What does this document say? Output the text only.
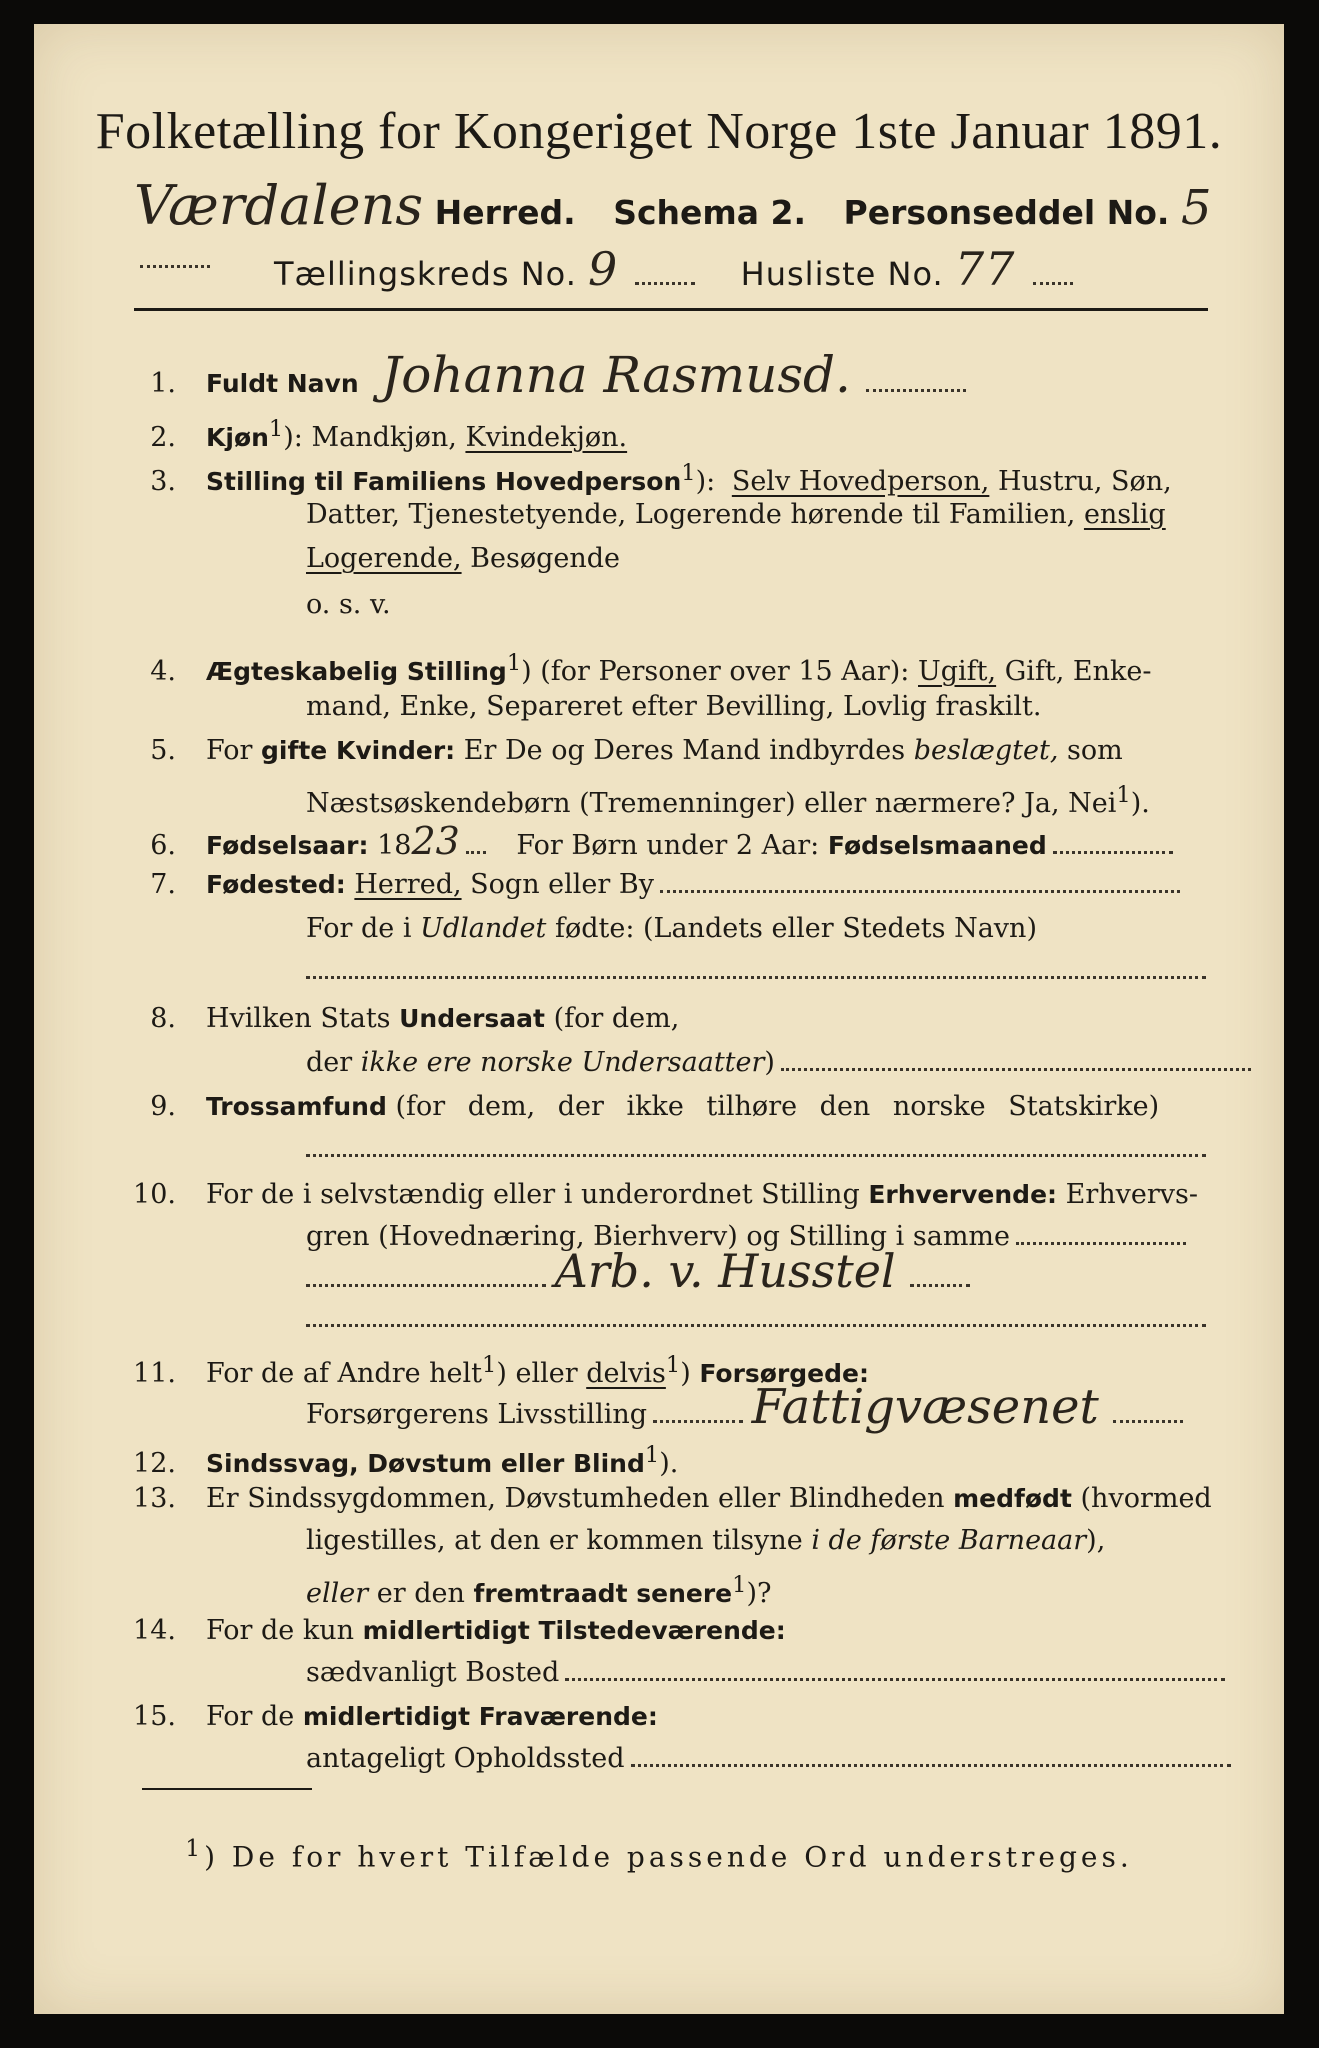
Folketælling for Kongeriget Norge 1ste Januar 1891.
Værdalens Herred. Schema 2. Personseddel No. 5
Tællingskreds No. 9	Husliste No. 77
1. Fuldt Navn Johanna Rasmusd.
2. Kjøn$^1$): Mandkjøn, Kvindekjøn.
3. Stilling til Familiens Hovedperson$^1$): Selv Hovedperson, Hustru, Søn,
Datter, Tjenestetyende, Logerende hørende til Familien, enslig
Logerende, Besøgende
o. s. v.
4. Ægteskabelig Stilling$^1$) (for Personer over 15 Aar): Ugift, Gift, Enke-
mand, Enke, Separeret efter Bevilling, Lovlig fraskilt.
5. For gifte Kvinder: Er De og Deres Mand indbyrdes beslægtet, som
Næstsøskendebørn (Tremenninger) eller nærmere? Ja, Nei$^1$).
6. Fødselsaar: 1823 For Børn under 2 Aar: Fødselsmaaned
7. Fødested: Herred, Sogn eller By
For de i Udlandet fødte: (Landets eller Stedets Navn)
8. Hvilken Stats Undersaat (for dem,
der ikke ere norske Undersaatter)
9. Trossamfund (for dem, der ikke tilhøre den norske Statskirke)
10. For de i selvstændig eller i underordnet Stilling Erhvervende: Erhvervs-
gren (Hovednæring, Bierhverv) og Stilling i samme
Arb. v. Husstel
11. For de af Andre helt$^1$) eller delvis$^1$) Forsørgede:
Forsørgerens Livsstilling Fattigvæsenet
12. Sindssvag, Døvstum eller Blind$^1$).
13. Er Sindssygdommen, Døvstumheden eller Blindheden medfødt (hvormed
ligestilles, at den er kommen tilsyne i de første Barneaar),
eller er den fremtraadt senere$^1$)?
14. For de kun midlertidigt Tilstedeværende:
sædvanligt Bosted
15. For de midlertidigt Fraværende:
antageligt Opholdssted
$^1$) De for hvert Tilfælde passende Ord understreges.
